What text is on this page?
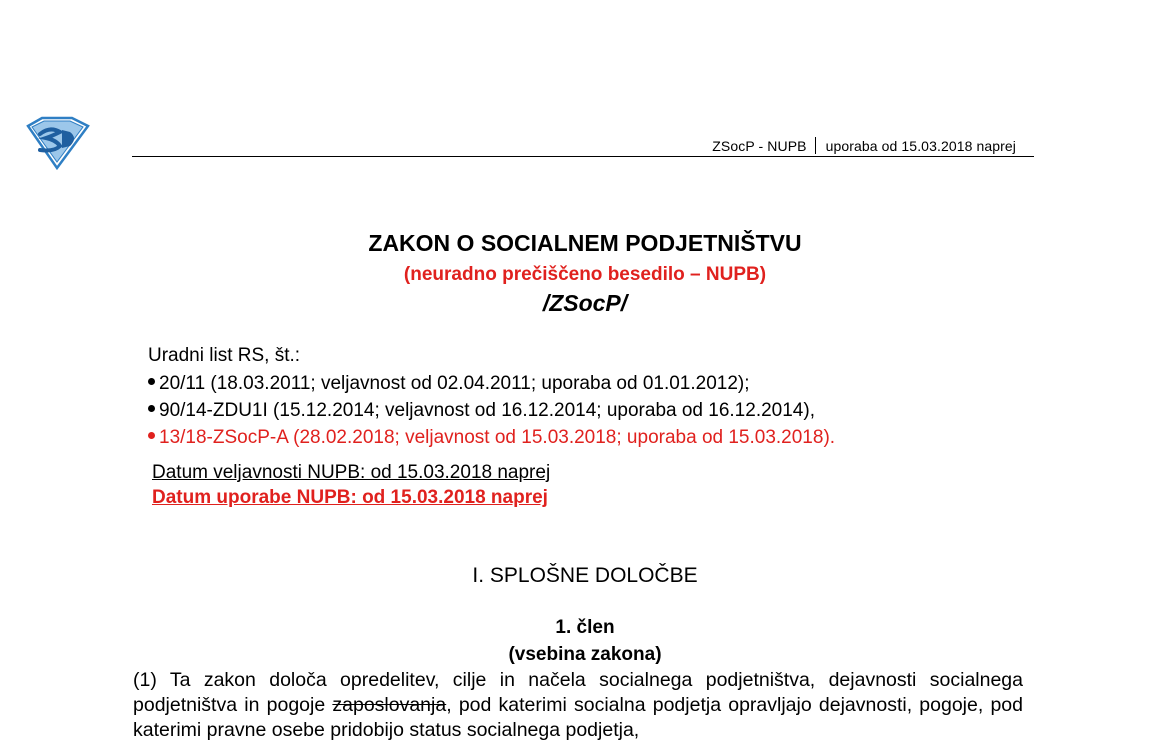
ZSocP - NUPB uporaba od 15.03.2018 naprej
ZAKON O SOCIALNEM PODJETNIŠTVU
(neuradno prečiščeno besedilo – NUPB)
/ZSocP/
Uradni list RS, št.:
20/11 (18.03.2011; veljavnost od 02.04.2011; uporaba od 01.01.2012);
90/14-ZDU1I (15.12.2014; veljavnost od 16.12.2014; uporaba od 16.12.2014),
13/18-ZSocP-A (28.02.2018; veljavnost od 15.03.2018; uporaba od 15.03.2018).
Datum veljavnosti NUPB: od 15.03.2018 naprej
Datum uporabe NUPB: od 15.03.2018 naprej
I. SPLOŠNE DOLOČBE
1. člen
(vsebina zakona)
(1) Ta zakon določa opredelitev, cilje in načela socialnega podjetništva, dejavnosti socialnega podjetništva in pogoje zaposlovanja, pod katerimi socialna podjetja opravljajo dejavnosti, pogoje, pod katerimi pravne osebe pridobijo status socialnega podjetja,
